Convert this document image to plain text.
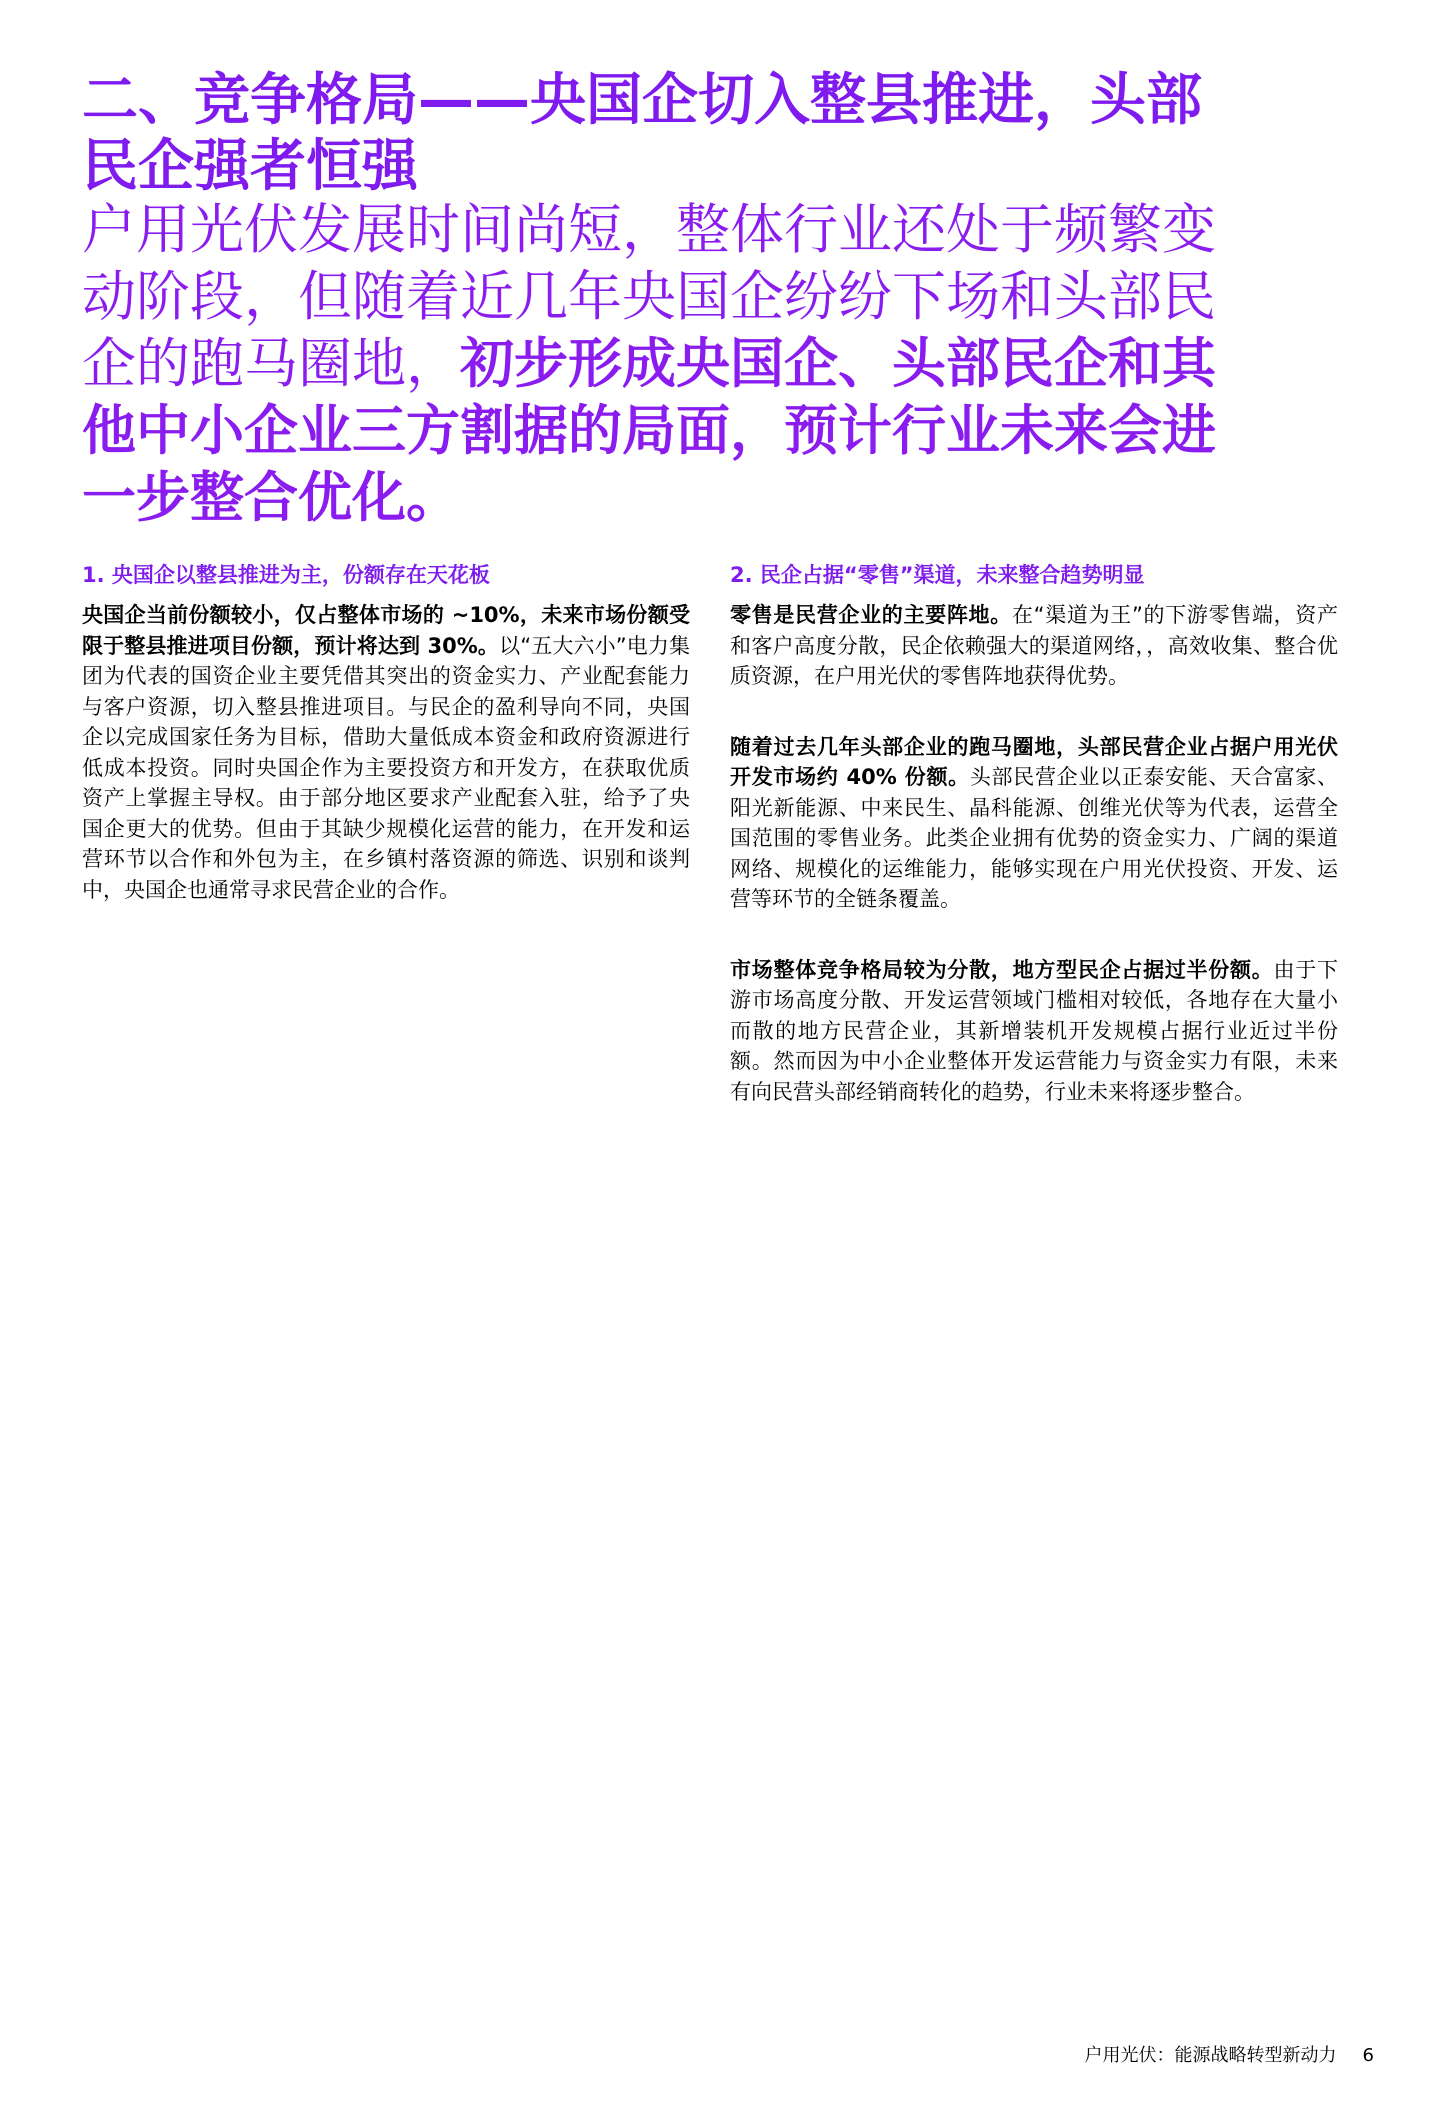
二、竞争格局——央国企切入整县推进，头部民企强者恒强

户用光伏发展时间尚短，整体行业还处于频繁变动阶段，但随着近几年央国企纷纷下场和头部民企的跑马圈地，初步形成央国企、头部民企和其他中小企业三方割据的局面，预计行业未来会进一步整合优化。

1. 央国企以整县推进为主，份额存在天花板

央国企当前份额较小，仅占整体市场的 ~10%，未来市场份额受限于整县推进项目份额，预计将达到 30%。以“五大六小”电力集团为代表的国资企业主要凭借其突出的资金实力、产业配套能力与客户资源，切入整县推进项目。与民企的盈利导向不同，央国企以完成国家任务为目标，借助大量低成本资金和政府资源进行低成本投资。同时央国企作为主要投资方和开发方，在获取优质资产上掌握主导权。由于部分地区要求产业配套入驻，给予了央国企更大的优势。但由于其缺少规模化运营的能力，在开发和运营环节以合作和外包为主，在乡镇村落资源的筛选、识别和谈判中，央国企也通常寻求民营企业的合作。

2. 民企占据“零售”渠道，未来整合趋势明显

零售是民营企业的主要阵地。在“渠道为王”的下游零售端，资产和客户高度分散，民企依赖强大的渠道网络，，高效收集、整合优质资源，在户用光伏的零售阵地获得优势。

随着过去几年头部企业的跑马圈地，头部民营企业占据户用光伏开发市场约 40% 份额。头部民营企业以正泰安能、天合富家、阳光新能源、中来民生、晶科能源、创维光伏等为代表，运营全国范围的零售业务。此类企业拥有优势的资金实力、广阔的渠道网络、规模化的运维能力，能够实现在户用光伏投资、开发、运营等环节的全链条覆盖。

市场整体竞争格局较为分散，地方型民企占据过半份额。由于下游市场高度分散、开发运营领域门槛相对较低，各地存在大量小而散的地方民营企业，其新增装机开发规模占据行业近过半份额。然而因为中小企业整体开发运营能力与资金实力有限，未来有向民营头部经销商转化的趋势，行业未来将逐步整合。

户用光伏：能源战略转型新动力 6
